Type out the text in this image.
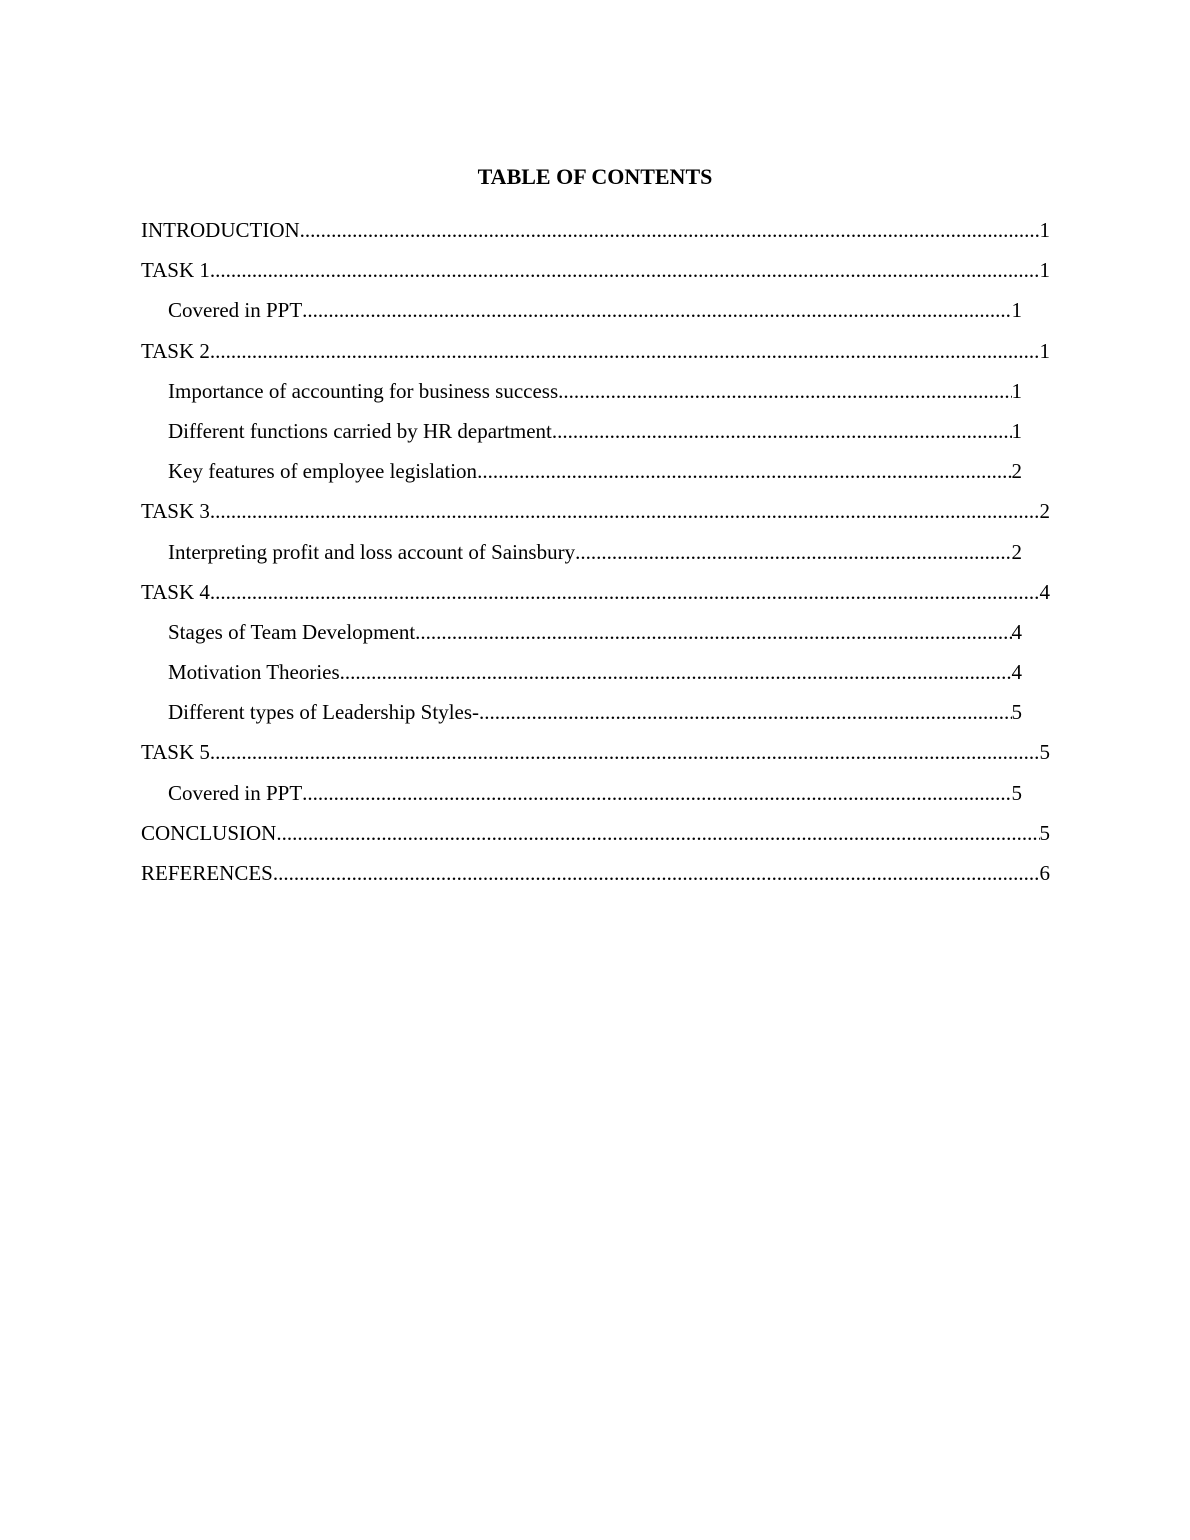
TABLE OF CONTENTS
INTRODUCTION .....	1
TASK 1 .....	1
Covered in PPT .....	1
TASK 2 .....	1
Importance of accounting for business success .....	1
Different functions carried by HR department .....	1
Key features of employee legislation .....	2
TASK 3 .....	2
Interpreting profit and loss account of Sainsbury .....	2
TASK 4 .....	4
Stages of Team Development .....	4
Motivation Theories .....	4
Different types of Leadership Styles- .....	5
TASK 5 .....	5
Covered in PPT .....	5
CONCLUSION .....	5
REFERENCES .....	6
